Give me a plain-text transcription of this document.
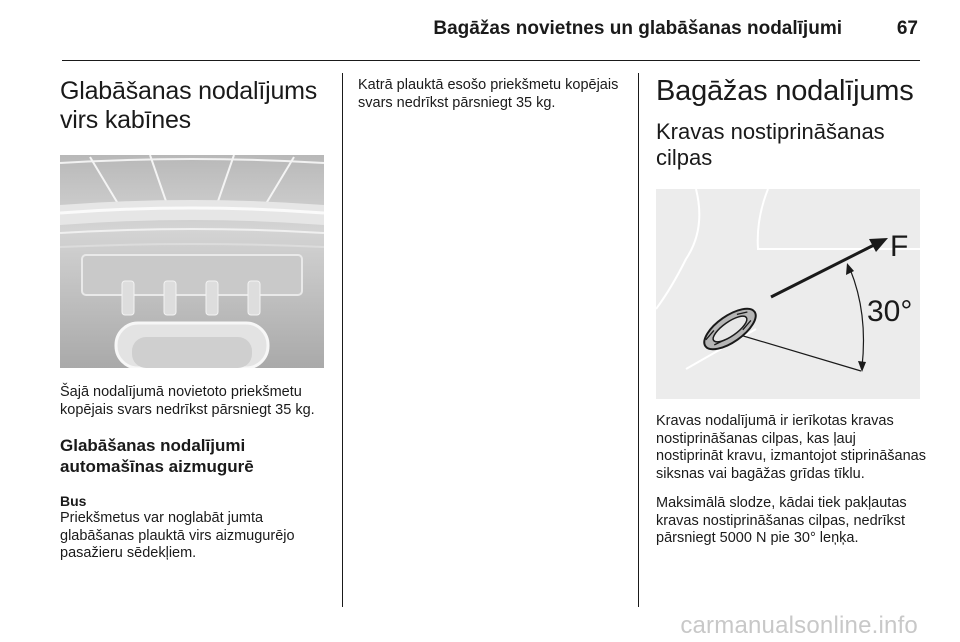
Bagāžas novietnes un glabāšanas nodalījumi	67
Glabāšanas nodalījums virs kabīnes

Šajā nodalījumā novietoto priekšmetu kopējais svars nedrīkst pārsniegt 35 kg.

Glabāšanas nodalījumi automašīnas aizmugurē
Bus

Priekšmetus var noglabāt jumta glabāšanas plauktā virs aizmugurējo pasažieru sēdekļiem.

Katrā plauktā esošo priekšmetu kopējais svars nedrīkst pārsniegt 35 kg.	Bagāžas nodalījums
Kravas nostiprināšanas cilpas
F
30°

Kravas nodalījumā ir ierīkotas kravas nostiprināšanas cilpas, kas ļauj nostiprināt kravu, izmantojot stiprināšanas siksnas vai bagāžas grīdas tīklu.

Maksimālā slodze, kādai tiek pakļautas kravas nostiprināšanas cilpas, nedrīkst pārsniegt 5000 N pie 30° leņķa.

carmanualsonline.info
